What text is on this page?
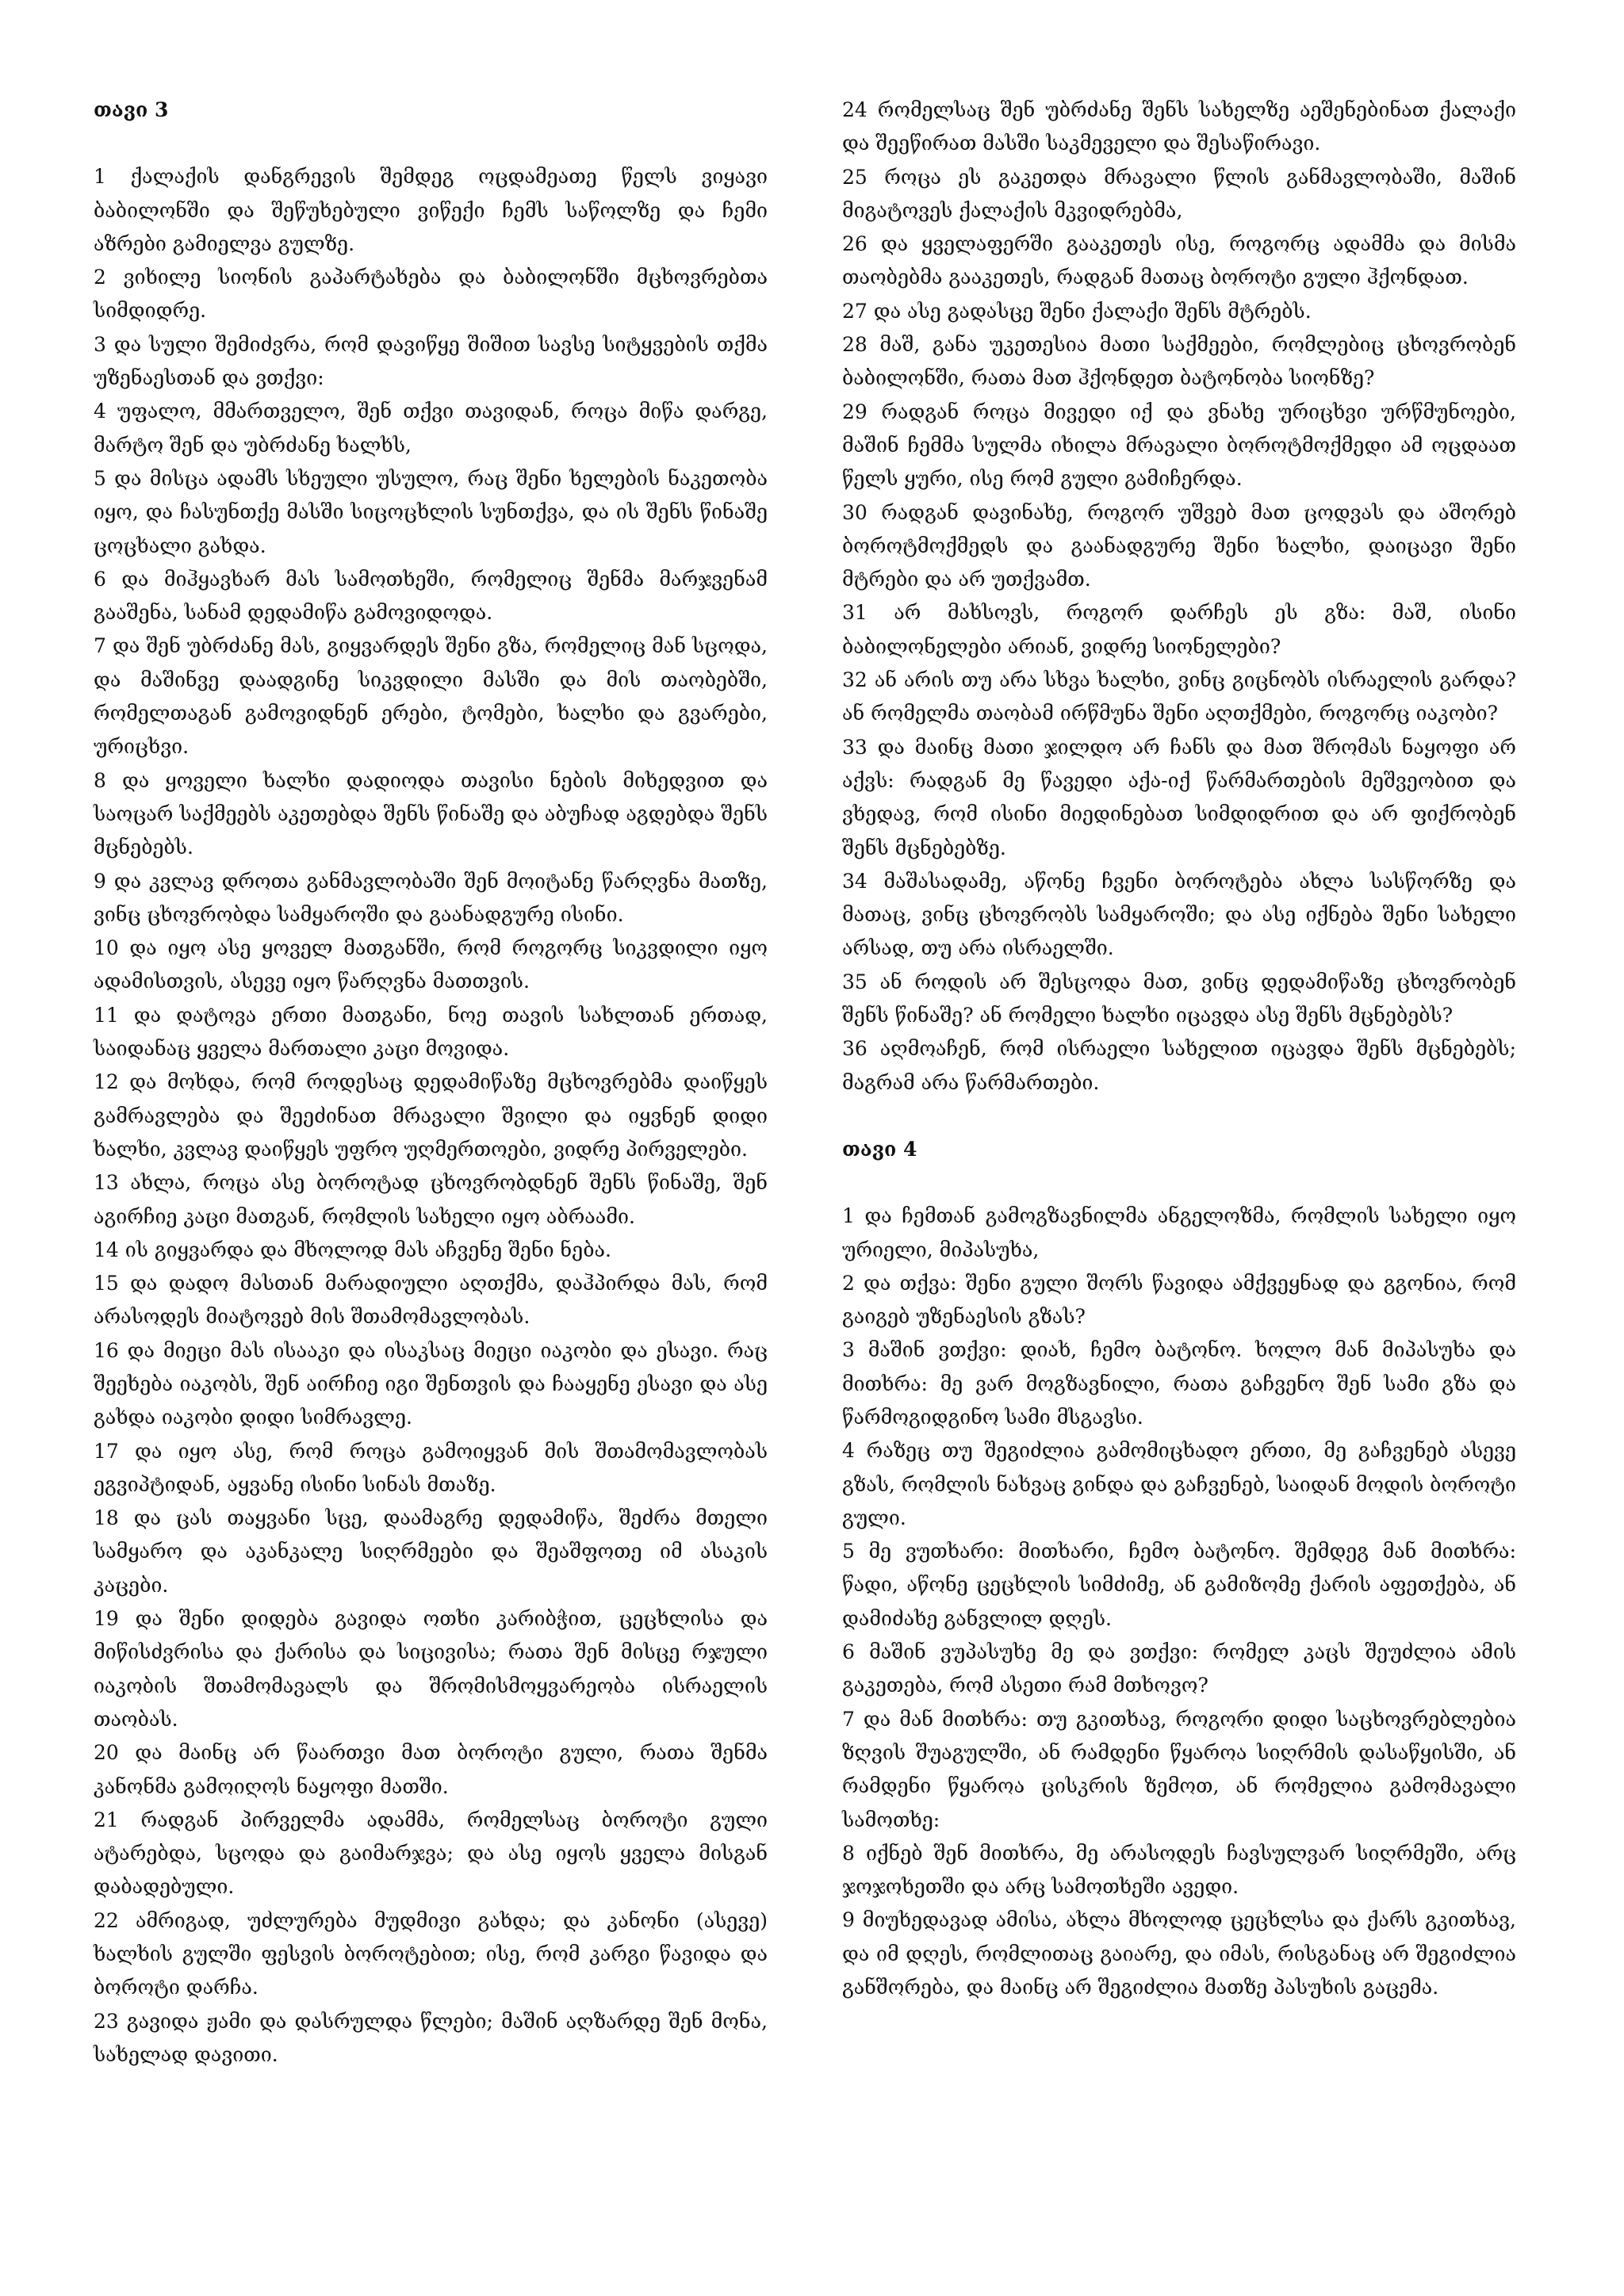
თავი 3

1 ქალაქის დანგრევის შემდეგ ოცდამეათე წელს ვიყავი ბაბილონში და შეწუხებული ვიწექი ჩემს საწოლზე და ჩემი აზრები გამიელვა გულზე.

2 ვიხილე სიონის გაპარტახება და ბაბილონში მცხოვრებთა სიმდიდრე.

3 და სული შემიძვრა, რომ დავიწყე შიშით სავსე სიტყვების თქმა უზენაესთან და ვთქვი:

4 უფალო, მმართველო, შენ თქვი თავიდან, როცა მიწა დარგე, მარტო შენ და უბრძანე ხალხს,

5 და მისცა ადამს სხეული უსულო, რაც შენი ხელების ნაკეთობა იყო, და ჩასუნთქე მასში სიცოცხლის სუნთქვა, და ის შენს წინაშე ცოცხალი გახდა.

6 და მიჰყავხარ მას სამოთხეში, რომელიც შენმა მარჯვენამ გააშენა, სანამ დედამიწა გამოვიდოდა.

7 და შენ უბრძანე მას, გიყვარდეს შენი გზა, რომელიც მან სცოდა, და მაშინვე დაადგინე სიკვდილი მასში და მის თაობებში, რომელთაგან გამოვიდნენ ერები, ტომები, ხალხი და გვარები, ურიცხვი.

8 და ყოველი ხალხი დადიოდა თავისი ნების მიხედვით და საოცარ საქმეებს აკეთებდა შენს წინაშე და აბუჩად აგდებდა შენს მცნებებს.

9 და კვლავ დროთა განმავლობაში შენ მოიტანე წარღვნა მათზე, ვინც ცხოვრობდა სამყაროში და გაანადგურე ისინი.

10 და იყო ასე ყოველ მათგანში, რომ როგორც სიკვდილი იყო ადამისთვის, ასევე იყო წარღვნა მათთვის.

11 და დატოვა ერთი მათგანი, ნოე თავის სახლთან ერთად, საიდანაც ყველა მართალი კაცი მოვიდა.

12 და მოხდა, რომ როდესაც დედამიწაზე მცხოვრებმა დაიწყეს გამრავლება და შეეძინათ მრავალი შვილი და იყვნენ დიდი ხალხი, კვლავ დაიწყეს უფრო უღმერთოები, ვიდრე პირველები.

13 ახლა, როცა ასე ბოროტად ცხოვრობდნენ შენს წინაშე, შენ აგირჩიე კაცი მათგან, რომლის სახელი იყო აბრაამი.

14 ის გიყვარდა და მხოლოდ მას აჩვენე შენი ნება.

15 და დადო მასთან მარადიული აღთქმა, დაჰპირდა მას, რომ არასოდეს მიატოვებ მის შთამომავლობას.

16 და მიეცი მას ისააკი და ისაკსაც მიეცი იაკობი და ესავი. რაც შეეხება იაკობს, შენ აირჩიე იგი შენთვის და ჩააყენე ესავი და ასე გახდა იაკობი დიდი სიმრავლე.

17 და იყო ასე, რომ როცა გამოიყვან მის შთამომავლობას ეგვიპტიდან, აყვანე ისინი სინას მთაზე.

18 და ცას თაყვანი სცე, დაამაგრე დედამიწა, შეძრა მთელი სამყარო და აკანკალე სიღრმეები და შეაშფოთე იმ ასაკის კაცები.

19 და შენი დიდება გავიდა ოთხი კარიბჭით, ცეცხლისა და მიწისძვრისა და ქარისა და სიცივისა; რათა შენ მისცე რჯული იაკობის შთამომავალს და შრომისმოყვარეობა ისრაელის თაობას.

20 და მაინც არ წაართვი მათ ბოროტი გული, რათა შენმა კანონმა გამოიღოს ნაყოფი მათში.

21 რადგან პირველმა ადამმა, რომელსაც ბოროტი გული ატარებდა, სცოდა და გაიმარჯვა; და ასე იყოს ყველა მისგან დაბადებული.

22 ამრიგად, უძლურება მუდმივი გახდა; და კანონი (ასევე) ხალხის გულში ფესვის ბოროტებით; ისე, რომ კარგი წავიდა და ბოროტი დარჩა.

23 გავიდა ჟამი და დასრულდა წლები; მაშინ აღზარდე შენ მონა, სახელად დავითი.

24 რომელსაც შენ უბრძანე შენს სახელზე აეშენებინათ ქალაქი და შეეწირათ მასში საკმეველი და შესაწირავი.

25 როცა ეს გაკეთდა მრავალი წლის განმავლობაში, მაშინ მიგატოვეს ქალაქის მკვიდრებმა,

26 და ყველაფერში გააკეთეს ისე, როგორც ადამმა და მისმა თაობებმა გააკეთეს, რადგან მათაც ბოროტი გული ჰქონდათ.

27 და ასე გადასცე შენი ქალაქი შენს მტრებს.

28 მაშ, განა უკეთესია მათი საქმეები, რომლებიც ცხოვრობენ ბაბილონში, რათა მათ ჰქონდეთ ბატონობა სიონზე?

29 რადგან როცა მივედი იქ და ვნახე ურიცხვი ურწმუნოები, მაშინ ჩემმა სულმა იხილა მრავალი ბოროტმოქმედი ამ ოცდაათ წელს ყური, ისე რომ გული გამიჩერდა.

30 რადგან დავინახე, როგორ უშვებ მათ ცოდვას და აშორებ ბოროტმოქმედს და გაანადგურე შენი ხალხი, დაიცავი შენი მტრები და არ უთქვამთ.

31 არ მახსოვს, როგორ დარჩეს ეს გზა: მაშ, ისინი ბაბილონელები არიან, ვიდრე სიონელები?

32 ან არის თუ არა სხვა ხალხი, ვინც გიცნობს ისრაელის გარდა? ან რომელმა თაობამ ირწმუნა შენი აღთქმები, როგორც იაკობი?

33 და მაინც მათი ჯილდო არ ჩანს და მათ შრომას ნაყოფი არ აქვს: რადგან მე წავედი აქა-იქ წარმართების მეშვეობით და ვხედავ, რომ ისინი მიედინებათ სიმდიდრით და არ ფიქრობენ შენს მცნებებზე.

34 მაშასადამე, აწონე ჩვენი ბოროტება ახლა სასწორზე და მათაც, ვინც ცხოვრობს სამყაროში; და ასე იქნება შენი სახელი არსად, თუ არა ისრაელში.

35 ან როდის არ შესცოდა მათ, ვინც დედამიწაზე ცხოვრობენ შენს წინაშე? ან რომელი ხალხი იცავდა ასე შენს მცნებებს?

36 აღმოაჩენ, რომ ისრაელი სახელით იცავდა შენს მცნებებს; მაგრამ არა წარმართები.

თავი 4

1 და ჩემთან გამოგზავნილმა ანგელოზმა, რომლის სახელი იყო ურიელი, მიპასუხა,

2 და თქვა: შენი გული შორს წავიდა ამქვეყნად და გგონია, რომ გაიგებ უზენაესის გზას?

3 მაშინ ვთქვი: დიახ, ჩემო ბატონო. ხოლო მან მიპასუხა და მითხრა: მე ვარ მოგზავნილი, რათა გაჩვენო შენ სამი გზა და წარმოგიდგინო სამი მსგავსი.

4 რაზეც თუ შეგიძლია გამომიცხადო ერთი, მე გაჩვენებ ასევე გზას, რომლის ნახვაც გინდა და გაჩვენებ, საიდან მოდის ბოროტი გული.

5 მე ვუთხარი: მითხარი, ჩემო ბატონო. შემდეგ მან მითხრა: წადი, აწონე ცეცხლის სიმძიმე, ან გამიზომე ქარის აფეთქება, ან დამიძახე განვლილ დღეს.

6 მაშინ ვუპასუხე მე და ვთქვი: რომელ კაცს შეუძლია ამის გაკეთება, რომ ასეთი რამ მთხოვო?

7 და მან მითხრა: თუ გკითხავ, როგორი დიდი საცხოვრებლებია ზღვის შუაგულში, ან რამდენი წყაროა სიღრმის დასაწყისში, ან რამდენი წყაროა ცისკრის ზემოთ, ან რომელია გამომავალი სამოთხე:

8 იქნებ შენ მითხრა, მე არასოდეს ჩავსულვარ სიღრმეში, არც ჯოჯოხეთში და არც სამოთხეში ავედი.

9 მიუხედავად ამისა, ახლა მხოლოდ ცეცხლსა და ქარს გკითხავ, და იმ დღეს, რომლითაც გაიარე, და იმას, რისგანაც არ შეგიძლია განშორება, და მაინც არ შეგიძლია მათზე პასუხის გაცემა.
